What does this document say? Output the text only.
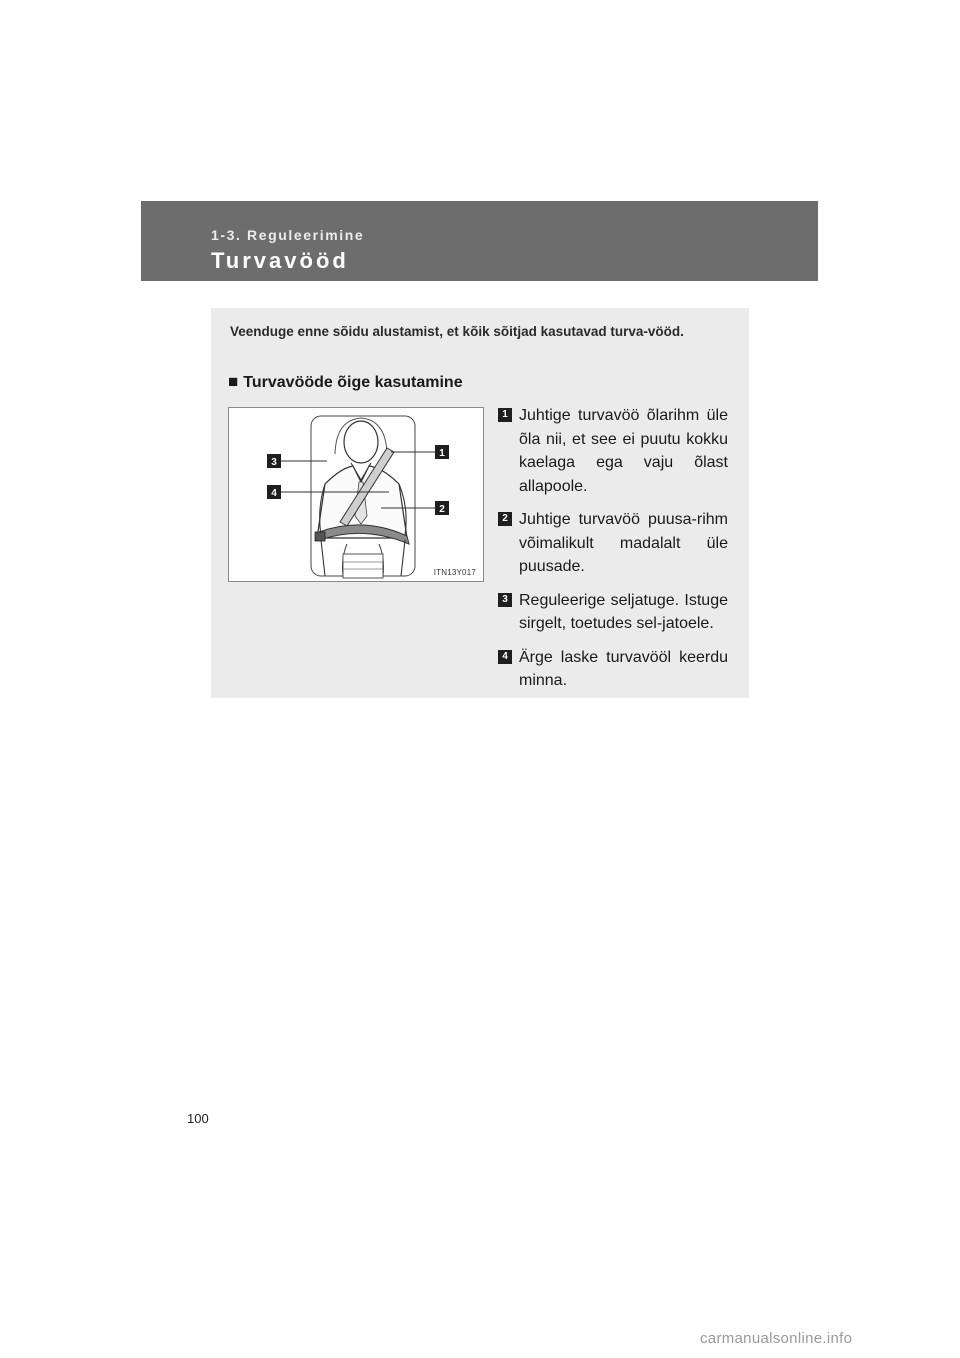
1-3. Reguleerimine
Turvavööd

Veenduge enne sõidu alustamist, et kõik sõitjad kasutavad turva-vööd.

■ Turvavööde õige kasutamine
1
2
3
4
ITN13Y017
1 Juhtige turvavöö õlarihm üle õla nii, et see ei puutu kokku kaelaga ega vaju õlast allapoole.
2 Juhtige turvavöö puusa-rihm võimalikult madalalt üle puusade.
3 Reguleerige seljatuge. Istuge sirgelt, toetudes sel-jatoele.
4 Ärge laske turvavööl keerdu minna.
100
carmanualsonline.info
